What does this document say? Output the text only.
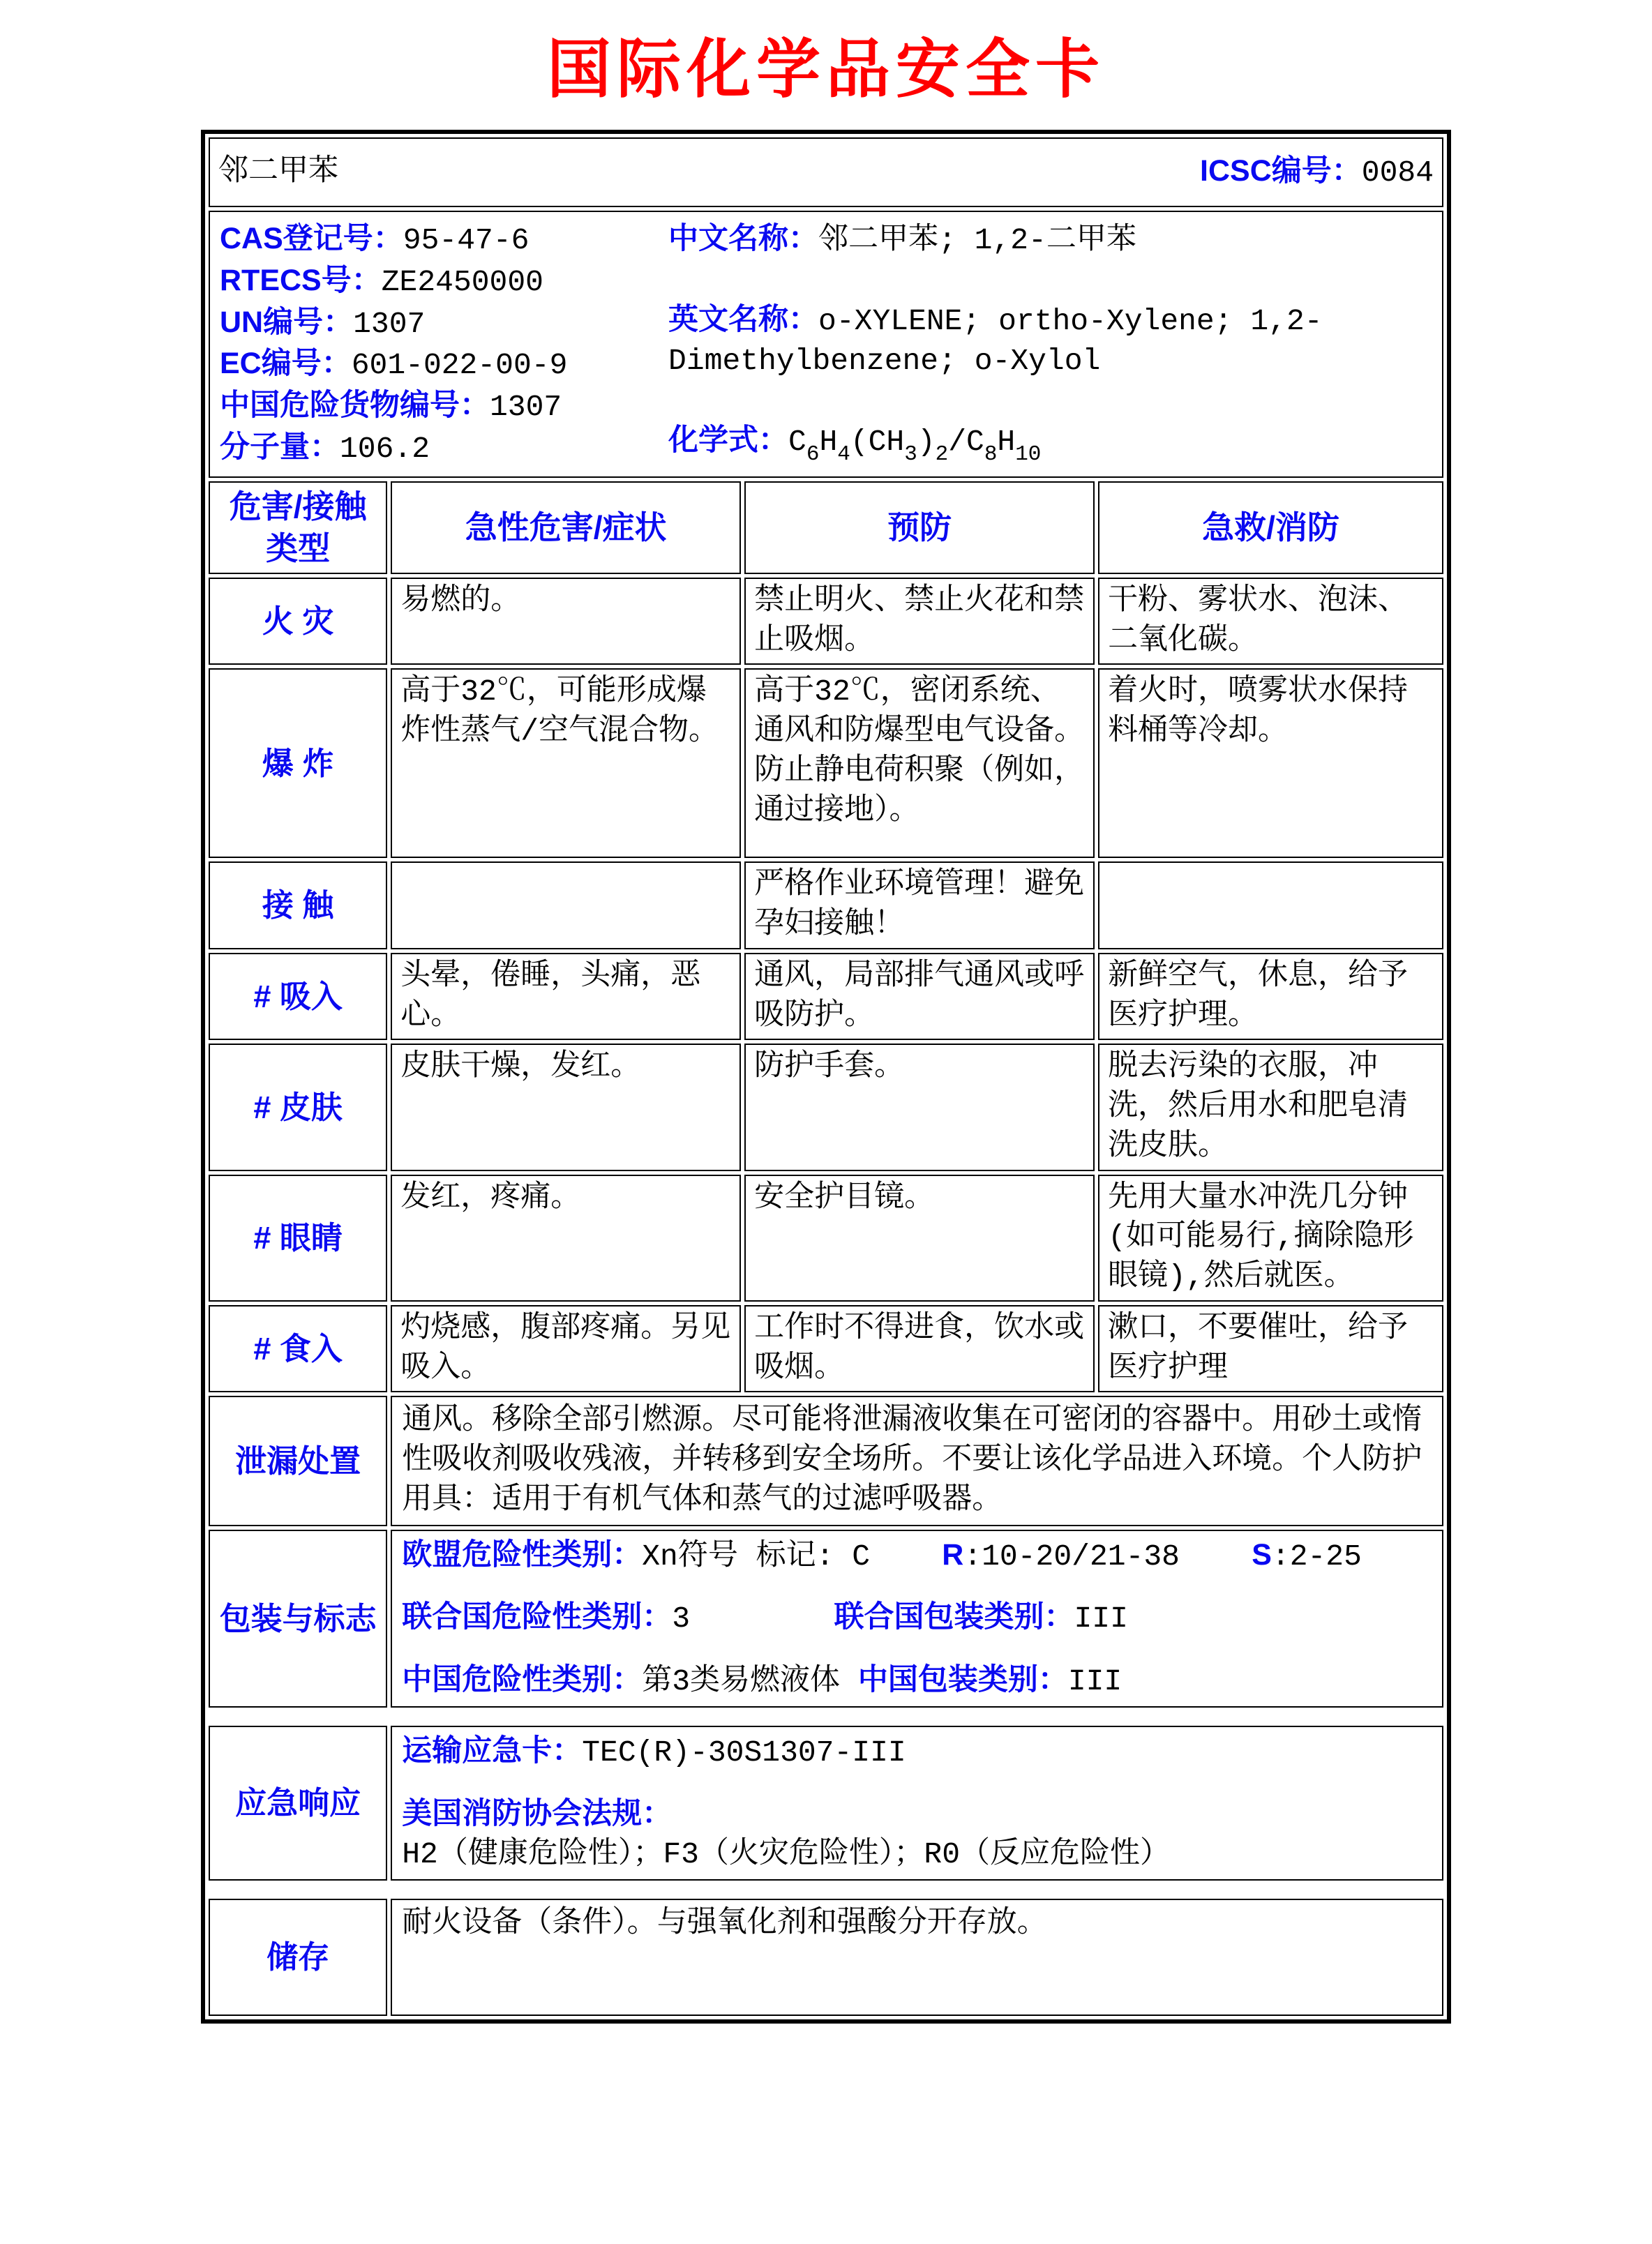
国际化学品安全卡
邻二甲苯 ICSC编号：0084			

CAS登记号：95-47-6
RTECS号：ZE2450000
UN编号：1307
EC编号：601-022-00-9
中国危险货物编号：1307
分子量：106.2
中文名称：邻二甲苯; 1,2-二甲苯
英文名称：o-XYLENE; ortho-Xylene; 1,2-Dimethylbenzene; o-Xylol
化学式：$C_6H_4(CH_3)_2/C_8H_{10}$

危害/接触 类型	急性危害/症状	预防	急救/消防
火 灾	易燃的。	禁止明火、禁止火花和禁止吸烟。	干粉、雾状水、泡沫、二氧化碳。
爆 炸	高于32℃，可能形成爆炸性蒸气/空气混合物。	高于32℃，密闭系统、通风和防爆型电气设备。防止静电荷积聚（例如，通过接地）。	着火时，喷雾状水保持料桶等冷却。
接 触		严格作业环境管理！避免孕妇接触！	
# 吸入	头晕，倦睡，头痛，恶心。	通风，局部排气通风或呼吸防护。	新鲜空气，休息，给予医疗护理。
# 皮肤	皮肤干燥，发红。	防护手套。	脱去污染的衣服，冲洗，然后用水和肥皂清洗皮肤。
# 眼睛	发红，疼痛。	安全护目镜。	先用大量水冲洗几分钟(如可能易行,摘除隐形眼镜),然后就医。
# 食入	灼烧感，腹部疼痛。另见吸入。	工作时不得进食，饮水或吸烟。	漱口，不要催吐，给予医疗护理
泄漏处置	通风。移除全部引燃源。尽可能将泄漏液收集在可密闭的容器中。用砂土或惰性吸收剂吸收残液，并转移到安全场所。不要让该化学品进入环境。个人防护用具：适用于有机气体和蒸气的过滤呼吸器。		
包装与标志	欧盟危险性类别：Xn符号 标记: C    R:10-20/21-38    S:2-25

联合国危险性类别：3        联合国包装类别：III

中国危险性类别：第3类易燃液体 中国包装类别：III		

应急响应	运输应急卡：TEC(R)-30S1307-III

美国消防协会法规：H2（健康危险性）；F3（火灾危险性）；R0（反应危险性）		

储存	耐火设备（条件）。与强氧化剂和强酸分开存放。		
